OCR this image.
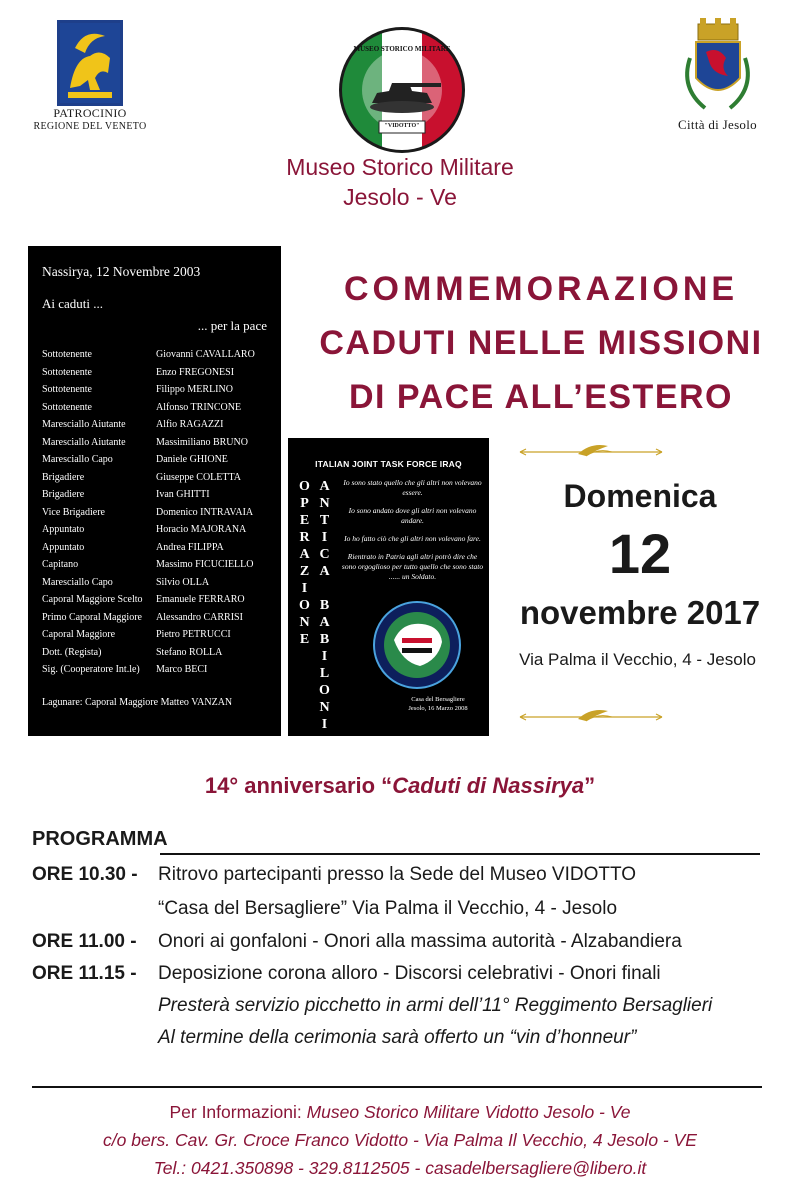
PATROCINIO
REGIONE DEL VENETO	"VIDOTTO"
MUSEO STORICO MILITARE
Città di Jesolo
Museo Storico Militare
Jesolo - Ve
Nassirya, 12 Novembre 2003
Ai caduti ...
... per la pace
Sottotenente	Giovanni CAVALLARO
Sottotenente	Enzo FREGONESI
Sottotenente	Filippo MERLINO
Sottotenente	Alfonso TRINCONE
Maresciallo Aiutante	Alfio RAGAZZI
Maresciallo Aiutante	Massimiliano BRUNO
Maresciallo Capo	Daniele GHIONE
Brigadiere	Giuseppe COLETTA
Brigadiere	Ivan GHITTI
Vice Brigadiere	Domenico INTRAVAIA
Appuntato	Horacio MAJORANA
Appuntato	Andrea FILIPPA
Capitano	Massimo FICUCIELLO
Maresciallo Capo	Silvio OLLA
Caporal Maggiore Scelto	Emanuele FERRARO
Primo Caporal Maggiore	Alessandro CARRISI
Caporal Maggiore	Pietro PETRUCCI
Dott. (Regista)	Stefano ROLLA
Sig. (Cooperatore Int.le)	Marco BECI
Lagunare: Caporal Maggiore Matteo VANZAN
ITALIAN JOINT TASK FORCE IRAQ
O
P
E
R
A
Z
I
O
N
E
A
N
T
I
C
A

B
A
B
I
L
O
N
I
A

Io sono stato quello che gli altri non volevano essere.

Io sono andato dove gli altri non volevano andare.

Io ho fatto ciò che gli altri non volevano fare.

Rientrato in Patria agli altri potrò dire che sono orgoglioso per tutto quello che sono stato ...... un Soldato.

Casa del Bersagliere
Jesolo, 16 Marzo 2008
COMMEMORAZIONE
CADUTI NELLE MISSIONI
DI PACE ALL’ESTERO
Domenica
12
novembre 2017
Via Palma il Vecchio, 4 - Jesolo
14° anniversario “Caduti di Nassirya”
PROGRAMMA
ORE 10.30 -	Ritrovo partecipanti presso la Sede del Museo VIDOTTO
“Casa del Bersagliere” Via Palma il Vecchio, 4 - Jesolo
ORE 11.00 -	Onori ai gonfaloni - Onori alla massima autorità - Alzabandiera
ORE 11.15 -	Deposizione corona alloro - Discorsi celebrativi - Onori finali
Presterà servizio picchetto in armi dell’11° Reggimento Bersaglieri
Al termine della cerimonia sarà offerto un “vin d’honneur”
Per Informazioni: Museo Storico Militare Vidotto Jesolo - Ve
c/o bers. Cav. Gr. Croce Franco Vidotto - Via Palma Il Vecchio, 4 Jesolo - VE
Tel.: 0421.350898 - 329.8112505 - casadelbersagliere@libero.it
